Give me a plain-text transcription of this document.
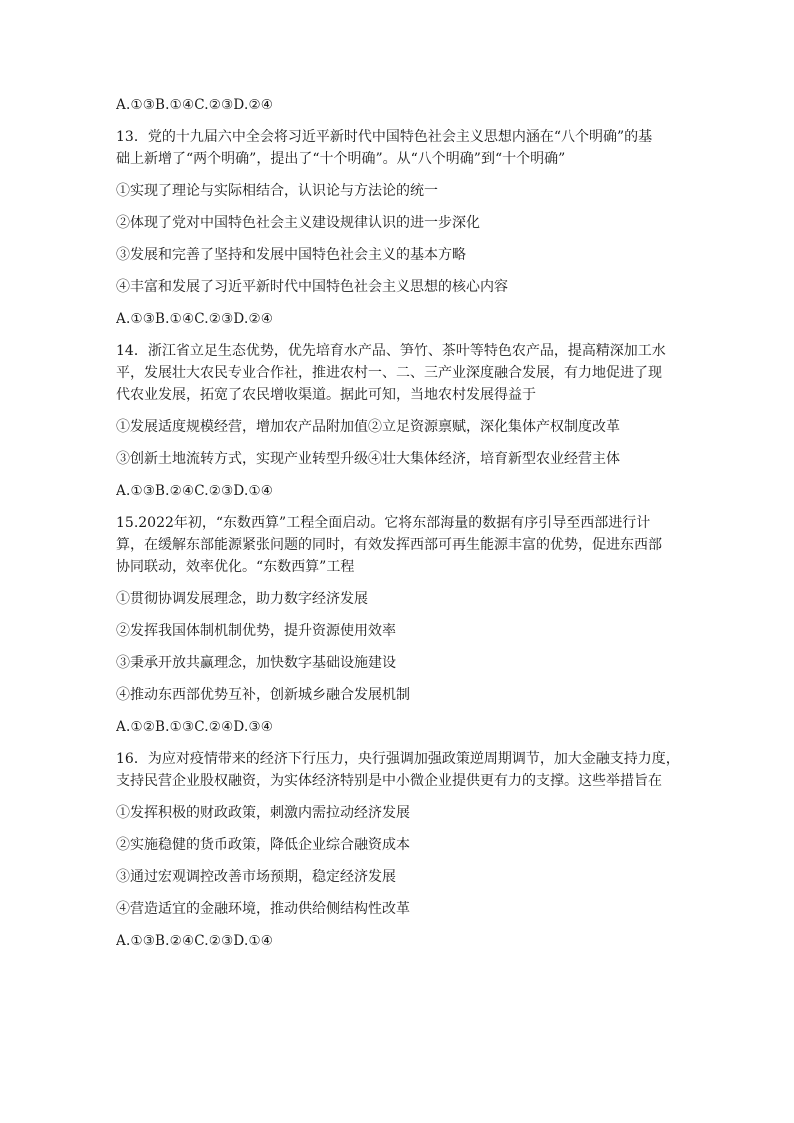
A.①③B.①④C.②③D.②④

13．党的十九届六中全会将习近平新时代中国特色社会主义思想内涵在“八个明确”的基
础上新增了“两个明确”，提出了“十个明确”。从“八个明确”到“十个明确”

①实现了理论与实际相结合，认识论与方法论的统一

②体现了党对中国特色社会主义建设规律认识的进一步深化

③发展和完善了坚持和发展中国特色社会主义的基本方略

④丰富和发展了习近平新时代中国特色社会主义思想的核心内容

A.①③B.①④C.②③D.②④

14．浙江省立足生态优势，优先培育水产品、笋竹、茶叶等特色农产品，提高精深加工水
平，发展壮大农民专业合作社，推进农村一、二、三产业深度融合发展，有力地促进了现
代农业发展，拓宽了农民增收渠道。据此可知，当地农村发展得益于

①发展适度规模经营，增加农产品附加值②立足资源禀赋，深化集体产权制度改革

③创新土地流转方式，实现产业转型升级④壮大集体经济，培育新型农业经营主体

A.①③B.②④C.②③D.①④

15.2022年初，“东数西算”工程全面启动。它将东部海量的数据有序引导至西部进行计
算，在缓解东部能源紧张问题的同时，有效发挥西部可再生能源丰富的优势，促进东西部
协同联动，效率优化。“东数西算”工程

①贯彻协调发展理念，助力数字经济发展

②发挥我国体制机制优势，提升资源使用效率

③秉承开放共赢理念，加快数字基础设施建设

④推动东西部优势互补，创新城乡融合发展机制

A.①②B.①③C.②④D.③④

16．为应对疫情带来的经济下行压力，央行强调加强政策逆周期调节，加大金融支持力度，
支持民营企业股权融资，为实体经济特别是中小微企业提供更有力的支撑。这些举措旨在

①发挥积极的财政政策，刺激内需拉动经济发展

②实施稳健的货币政策，降低企业综合融资成本

③通过宏观调控改善市场预期，稳定经济发展

④营造适宜的金融环境，推动供给侧结构性改革

A.①③B.②④C.②③D.①④
